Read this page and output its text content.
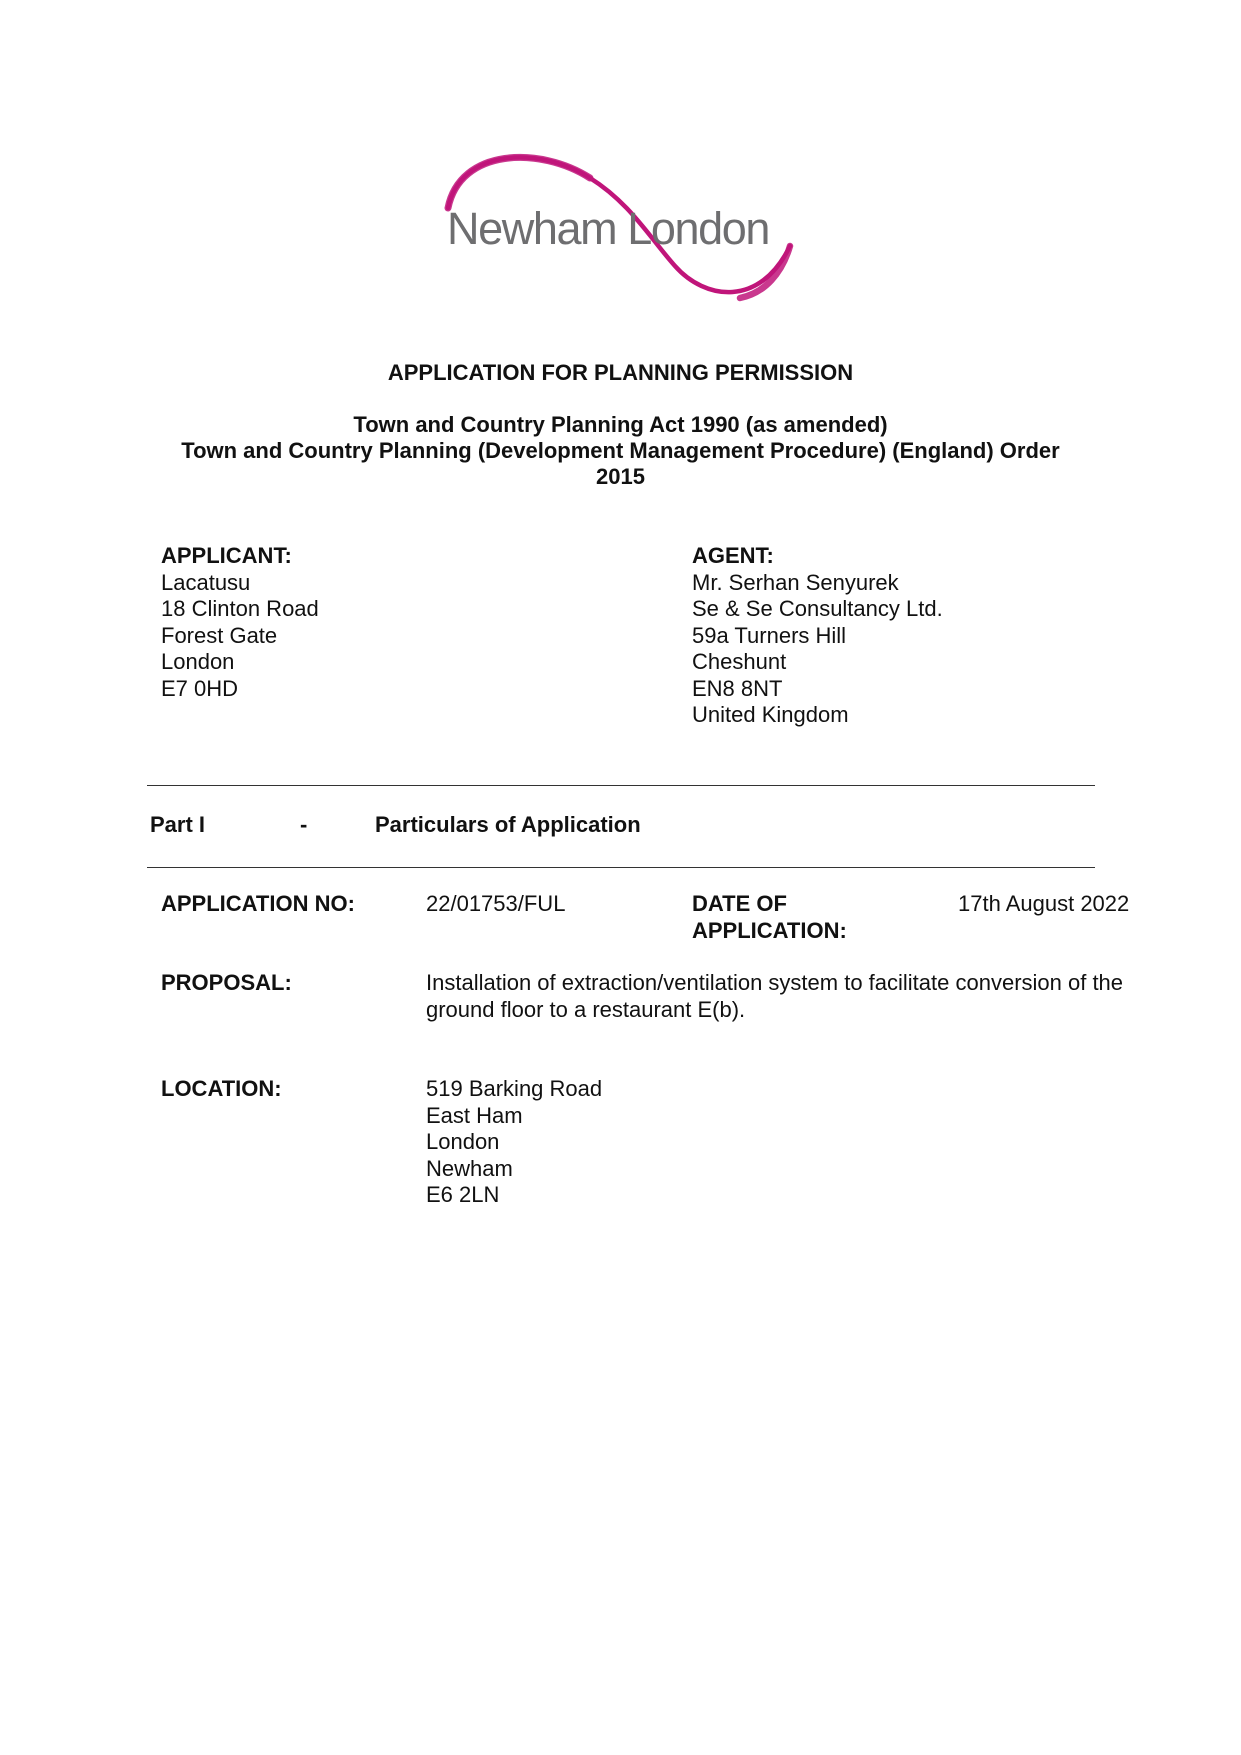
Newham London
APPLICATION FOR PLANNING PERMISSION
Town and Country Planning Act 1990 (as amended)
Town and Country Planning (Development Management Procedure) (England) Order
2015
APPLICANT:
Lacatusu
18 Clinton Road
Forest Gate
London
E7 0HD
AGENT:
Mr. Serhan Senyurek
Se & Se Consultancy Ltd.
59a Turners Hill
Cheshunt
EN8 8NT
United Kingdom
Part I	-	Particulars of Application
APPLICATION NO:	22/01753/FUL	DATE OF
APPLICATION:
17th August 2022
PROPOSAL:	Installation of extraction/ventilation system to facilitate conversion of the
ground floor to a restaurant E(b).
LOCATION:	519 Barking Road
East Ham
London
Newham
E6 2LN
